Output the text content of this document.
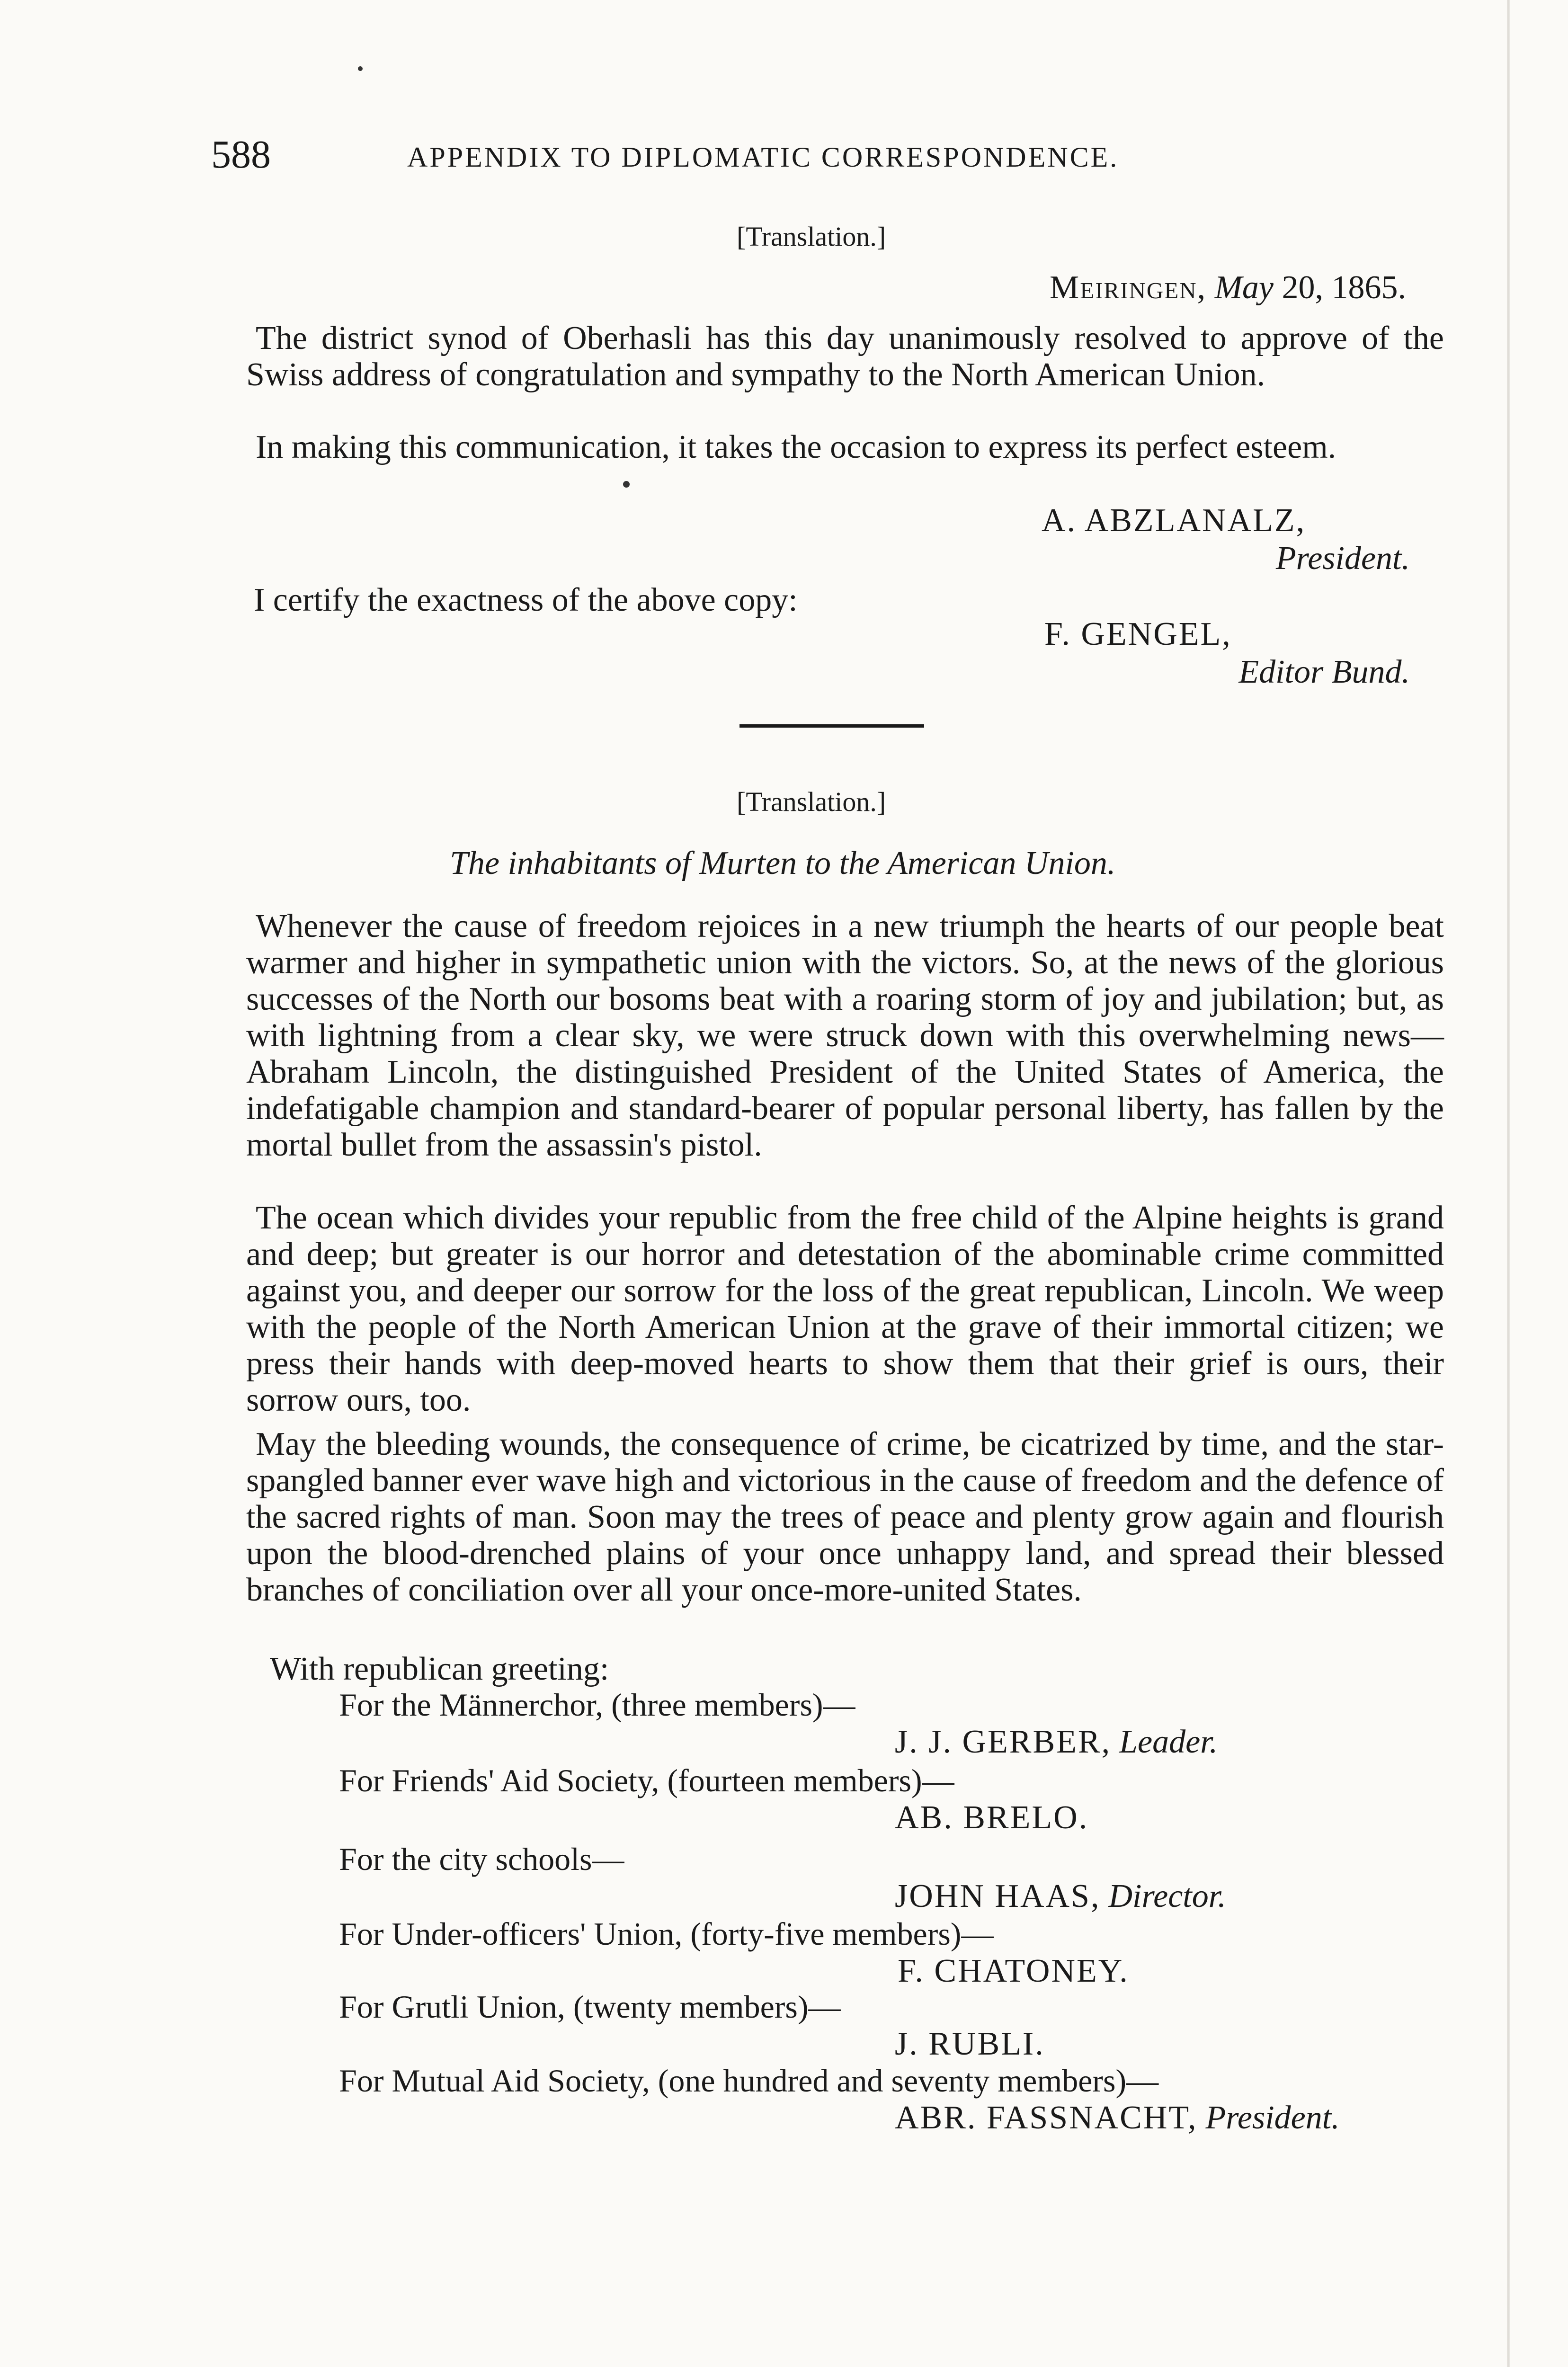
588	APPENDIX TO DIPLOMATIC CORRESPONDENCE.
[Translation.]
Meiringen, May 20, 1865.

The district synod of Oberhasli has this day unanimously resolved to approve of the Swiss address of congratulation and sympathy to the North American Union.

In making this communication, it takes the occasion to express its perfect esteem.

A. ABZLANALZ,
President.
I certify the exactness of the above copy:
F. GENGEL,
Editor Bund.
[Translation.]
The inhabitants of Murten to the American Union.

Whenever the cause of freedom rejoices in a new triumph the hearts of our people beat warmer and higher in sympathetic union with the victors. So, at the news of the glorious successes of the North our bosoms beat with a roaring storm of joy and jubilation; but, as with lightning from a clear sky, we were struck down with this overwhelming news—Abraham Lincoln, the distinguished President of the United States of America, the indefatigable champion and standard-bearer of popular personal liberty, has fallen by the mortal bullet from the assassin's pistol.

The ocean which divides your republic from the free child of the Alpine heights is grand and deep; but greater is our horror and detestation of the abominable crime committed against you, and deeper our sorrow for the loss of the great republican, Lincoln. We weep with the people of the North American Union at the grave of their immortal citizen; we press their hands with deep-moved hearts to show them that their grief is ours, their sorrow ours, too.

May the bleeding wounds, the consequence of crime, be cicatrized by time, and the star-spangled banner ever wave high and victorious in the cause of freedom and the defence of the sacred rights of man. Soon may the trees of peace and plenty grow again and flourish upon the blood-drenched plains of your once unhappy land, and spread their blessed branches of conciliation over all your once-more-united States.

With republican greeting:
For the Männerchor, (three members)—
J. J. GERBER, Leader.
For Friends' Aid Society, (fourteen members)—
AB. BRELO.
For the city schools—
JOHN HAAS, Director.
For Under-officers' Union, (forty-five members)—
F. CHATONEY.
For Grutli Union, (twenty members)—
J. RUBLI.
For Mutual Aid Society, (one hundred and seventy members)—
ABR. FASSNACHT, President.
